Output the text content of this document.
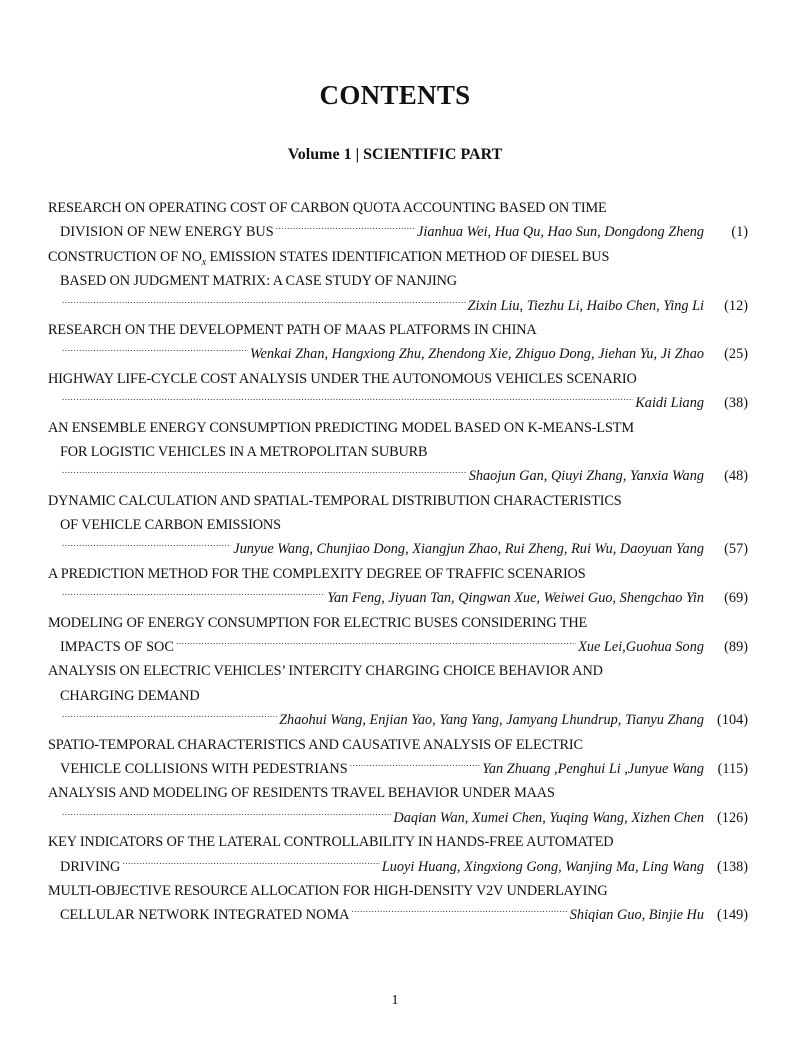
CONTENTS
Volume 1 | SCIENTIFIC PART
RESEARCH ON OPERATING COST OF CARBON QUOTA ACCOUNTING BASED ON TIME
DIVISION OF NEW ENERGY BUS .....	Jianhua Wei, Hua Qu, Hao Sun, Dongdong Zheng	(1)
CONSTRUCTION OF $NO_x$ EMISSION STATES IDENTIFICATION METHOD OF DIESEL BUS
BASED ON JUDGMENT MATRIX: A CASE STUDY OF NANJING
.....
Zixin Liu, Tiezhu Li, Haibo Chen, Ying Li	(12)
RESEARCH ON THE DEVELOPMENT PATH OF MAAS PLATFORMS IN CHINA
.....
Wenkai Zhan, Hangxiong Zhu, Zhendong Xie, Zhiguo Dong, Jiehan Yu, Ji Zhao	(25)
HIGHWAY LIFE-CYCLE COST ANALYSIS UNDER THE AUTONOMOUS VEHICLES SCENARIO
.....
Kaidi Liang	(38)
AN ENSEMBLE ENERGY CONSUMPTION PREDICTING MODEL BASED ON K-MEANS-LSTM
FOR LOGISTIC VEHICLES IN A METROPOLITAN SUBURB
.....
Shaojun Gan, Qiuyi Zhang, Yanxia Wang	(48)
DYNAMIC CALCULATION AND SPATIAL-TEMPORAL DISTRIBUTION CHARACTERISTICS
OF VEHICLE CARBON EMISSIONS
.....
Junyue Wang, Chunjiao Dong, Xiangjun Zhao, Rui Zheng, Rui Wu, Daoyuan Yang	(57)
A PREDICTION METHOD FOR THE COMPLEXITY DEGREE OF TRAFFIC SCENARIOS
.....
Yan Feng, Jiyuan Tan, Qingwan Xue, Weiwei Guo, Shengchao Yin	(69)
MODELING OF ENERGY CONSUMPTION FOR ELECTRIC BUSES CONSIDERING THE
IMPACTS OF SOC .....	Xue Lei,Guohua Song	(89)
ANALYSIS ON ELECTRIC VEHICLES’ INTERCITY CHARGING CHOICE BEHAVIOR AND
CHARGING DEMAND
.....
Zhaohui Wang, Enjian Yao, Yang Yang, Jamyang Lhundrup, Tianyu Zhang (104)
SPATIO-TEMPORAL CHARACTERISTICS AND CAUSATIVE ANALYSIS OF ELECTRIC
VEHICLE COLLISIONS WITH PEDESTRIANS .....	Yan Zhuang ,Penghui Li ,Junyue Wang (115)
ANALYSIS AND MODELING OF RESIDENTS TRAVEL BEHAVIOR UNDER MAAS
.....
Daqian Wan, Xumei Chen, Yuqing Wang, Xizhen Chen (126)
KEY INDICATORS OF THE LATERAL CONTROLLABILITY IN HANDS-FREE AUTOMATED
DRIVING .....	Luoyi Huang, Xingxiong Gong, Wanjing Ma, Ling Wang (138)
MULTI-OBJECTIVE RESOURCE ALLOCATION FOR HIGH-DENSITY V2V UNDERLAYING
CELLULAR NETWORK INTEGRATED NOMA .....	Shiqian Guo, Binjie Hu (149)
1
